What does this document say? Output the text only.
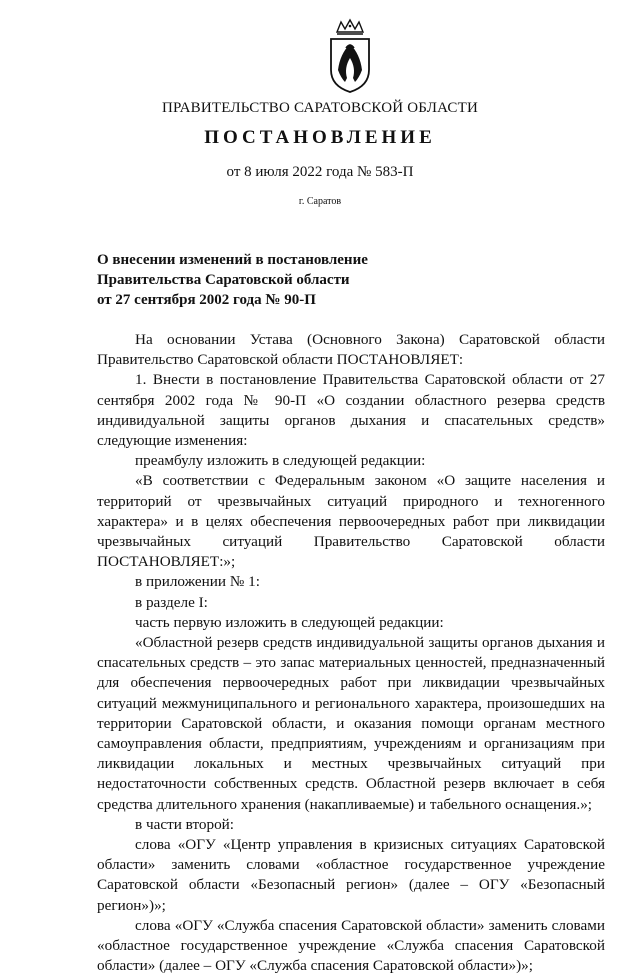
ПРАВИТЕЛЬСТВО САРАТОВСКОЙ ОБЛАСТИ
ПОСТАНОВЛЕНИЕ
от 8 июля 2022 года № 583-П
г. Саратов
О внесении изменений в постановление
Правительства Саратовской области
от 27 сентября 2002 года № 90-П

На основании Устава (Основного Закона) Саратовской области Правительство Саратовской области ПОСТАНОВЛЯЕТ:

1. Внести в постановление Правительства Саратовской области от 27 сентября 2002 года № 90-П «О создании областного резерва средств индивидуальной защиты органов дыхания и спасательных средств» следующие изменения:

преамбулу изложить в следующей редакции:

«В соответствии с Федеральным законом «О защите населения и территорий от чрезвычайных ситуаций природного и техногенного характера» и в целях обеспечения первоочередных работ при ликвидации чрезвычайных ситуаций Правительство Саратовской области ПОСТАНОВЛЯЕТ:»;

в приложении № 1:

в разделе I:

часть первую изложить в следующей редакции:

«Областной резерв средств индивидуальной защиты органов дыхания и спасательных средств – это запас материальных ценностей, предназначенный для обеспечения первоочередных работ при ликвидации чрезвычайных ситуаций межмуниципального и регионального характера, произошедших на территории Саратовской области, и оказания помощи органам местного самоуправления области, предприятиям, учреждениям и организациям при ликвидации локальных и местных чрезвычайных ситуаций при недостаточности собственных средств. Областной резерв включает в себя средства длительного хранения (накапливаемые) и табельного оснащения.»;

в части второй:

слова «ОГУ «Центр управления в кризисных ситуациях Саратовской области» заменить словами «областное государственное учреждение Саратовской области «Безопасный регион» (далее – ОГУ «Безопасный регион»)»;

слова «ОГУ «Служба спасения Саратовской области» заменить словами «областное государственное учреждение «Служба спасения Саратовской области» (далее – ОГУ «Служба спасения Саратовской области»)»;
